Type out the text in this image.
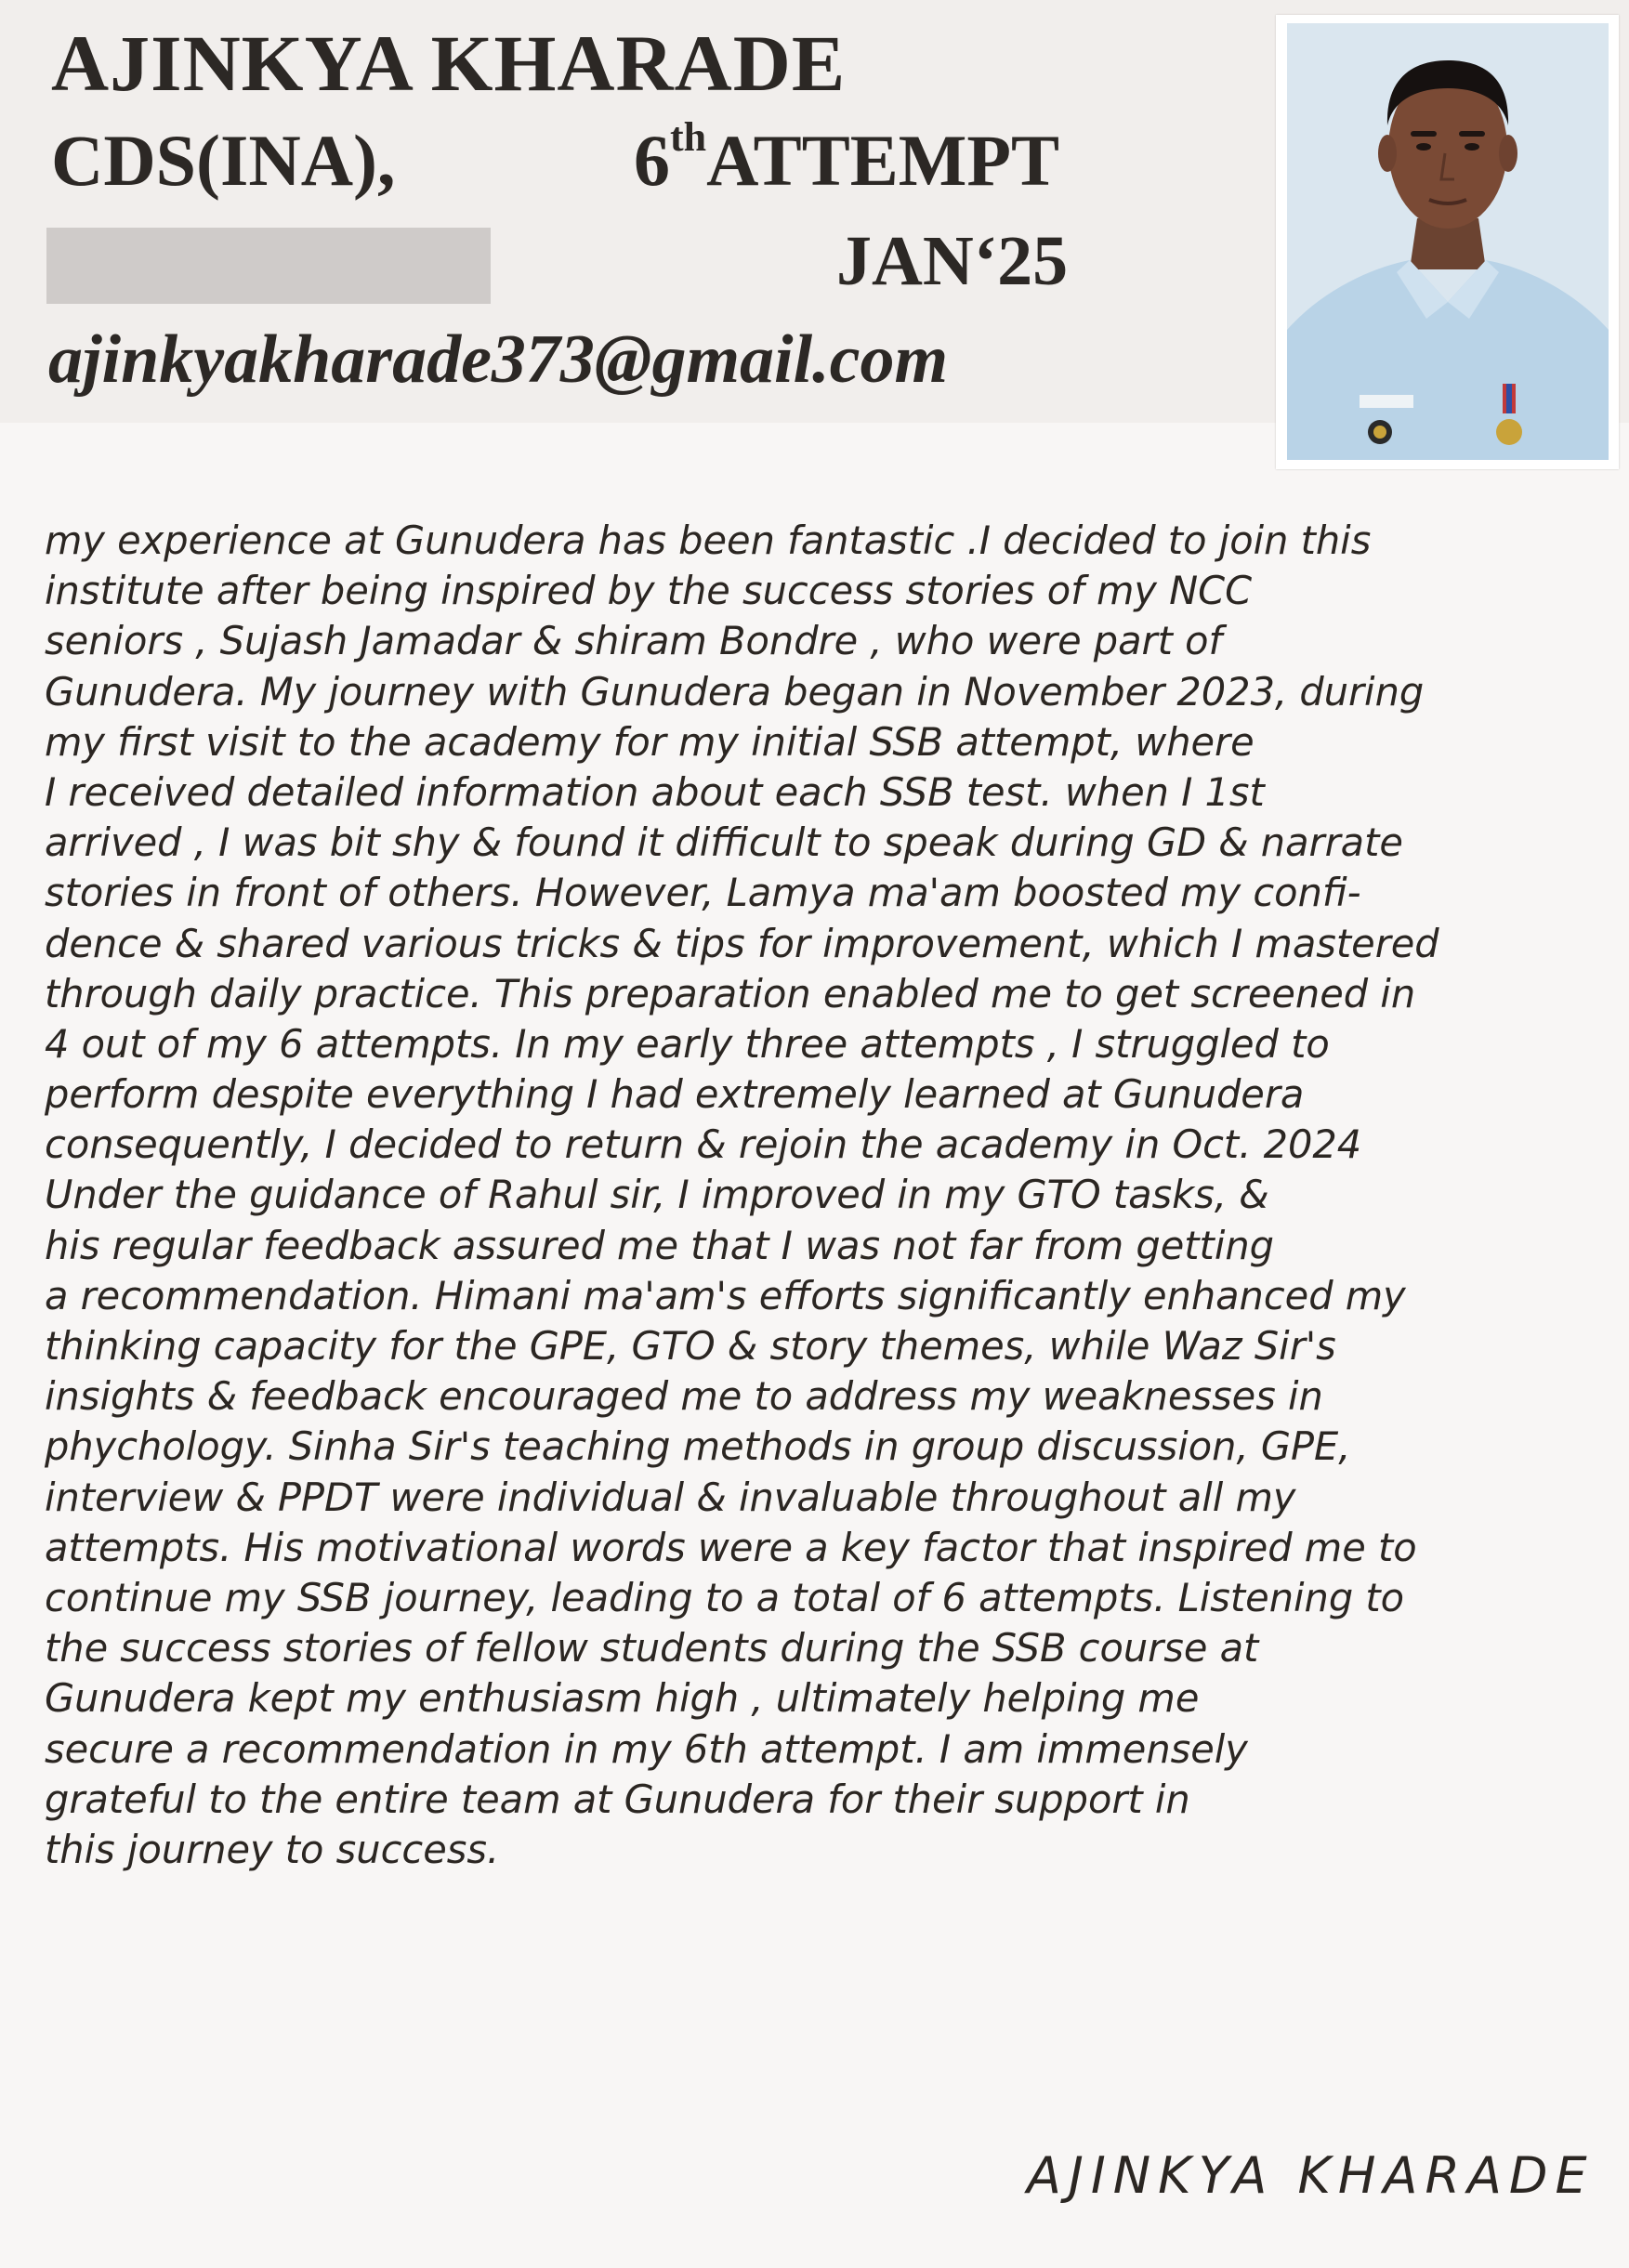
AJINKYA KHARADE
CDS(INA),	6thATTEMPT
JAN‘25
ajinkyakharade373@gmail.com
my experience at Gunudera has been fantastic .I decided to join this
institute after being inspired by the success stories of my NCC
seniors , Sujash Jamadar & shiram Bondre , who were part of
Gunudera. My journey with Gunudera began in November 2023, during
my first visit to the academy for my initial SSB attempt, where
I received detailed information about each SSB test. when I 1st
arrived , I was bit shy & found it difficult to speak during GD & narrate
stories in front of others. However, Lamya ma'am boosted my confi-
dence & shared various tricks & tips for improvement, which I mastered
through daily practice. This preparation enabled me to get screened in
4 out of my 6 attempts. In my early three attempts , I struggled to
perform despite everything I had extremely learned at Gunudera
consequently, I decided to return & rejoin the academy in Oct. 2024
Under the guidance of Rahul sir, I improved in my GTO tasks, &
his regular feedback assured me that I was not far from getting
a recommendation. Himani ma'am's efforts significantly enhanced my
thinking capacity for the GPE, GTO & story themes, while Waz Sir's
insights & feedback encouraged me to address my weaknesses in
phychology. Sinha Sir's teaching methods in group discussion, GPE,
interview & PPDT were individual & invaluable throughout all my
attempts. His motivational words were a key factor that inspired me to
continue my SSB journey, leading to a total of 6 attempts. Listening to
the success stories of fellow students during the SSB course at
Gunudera kept my enthusiasm high , ultimately helping me
secure a recommendation in my 6th attempt. I am immensely
grateful to the entire team at Gunudera for their support in
this journey to success.
AJINKYA KHARADE
